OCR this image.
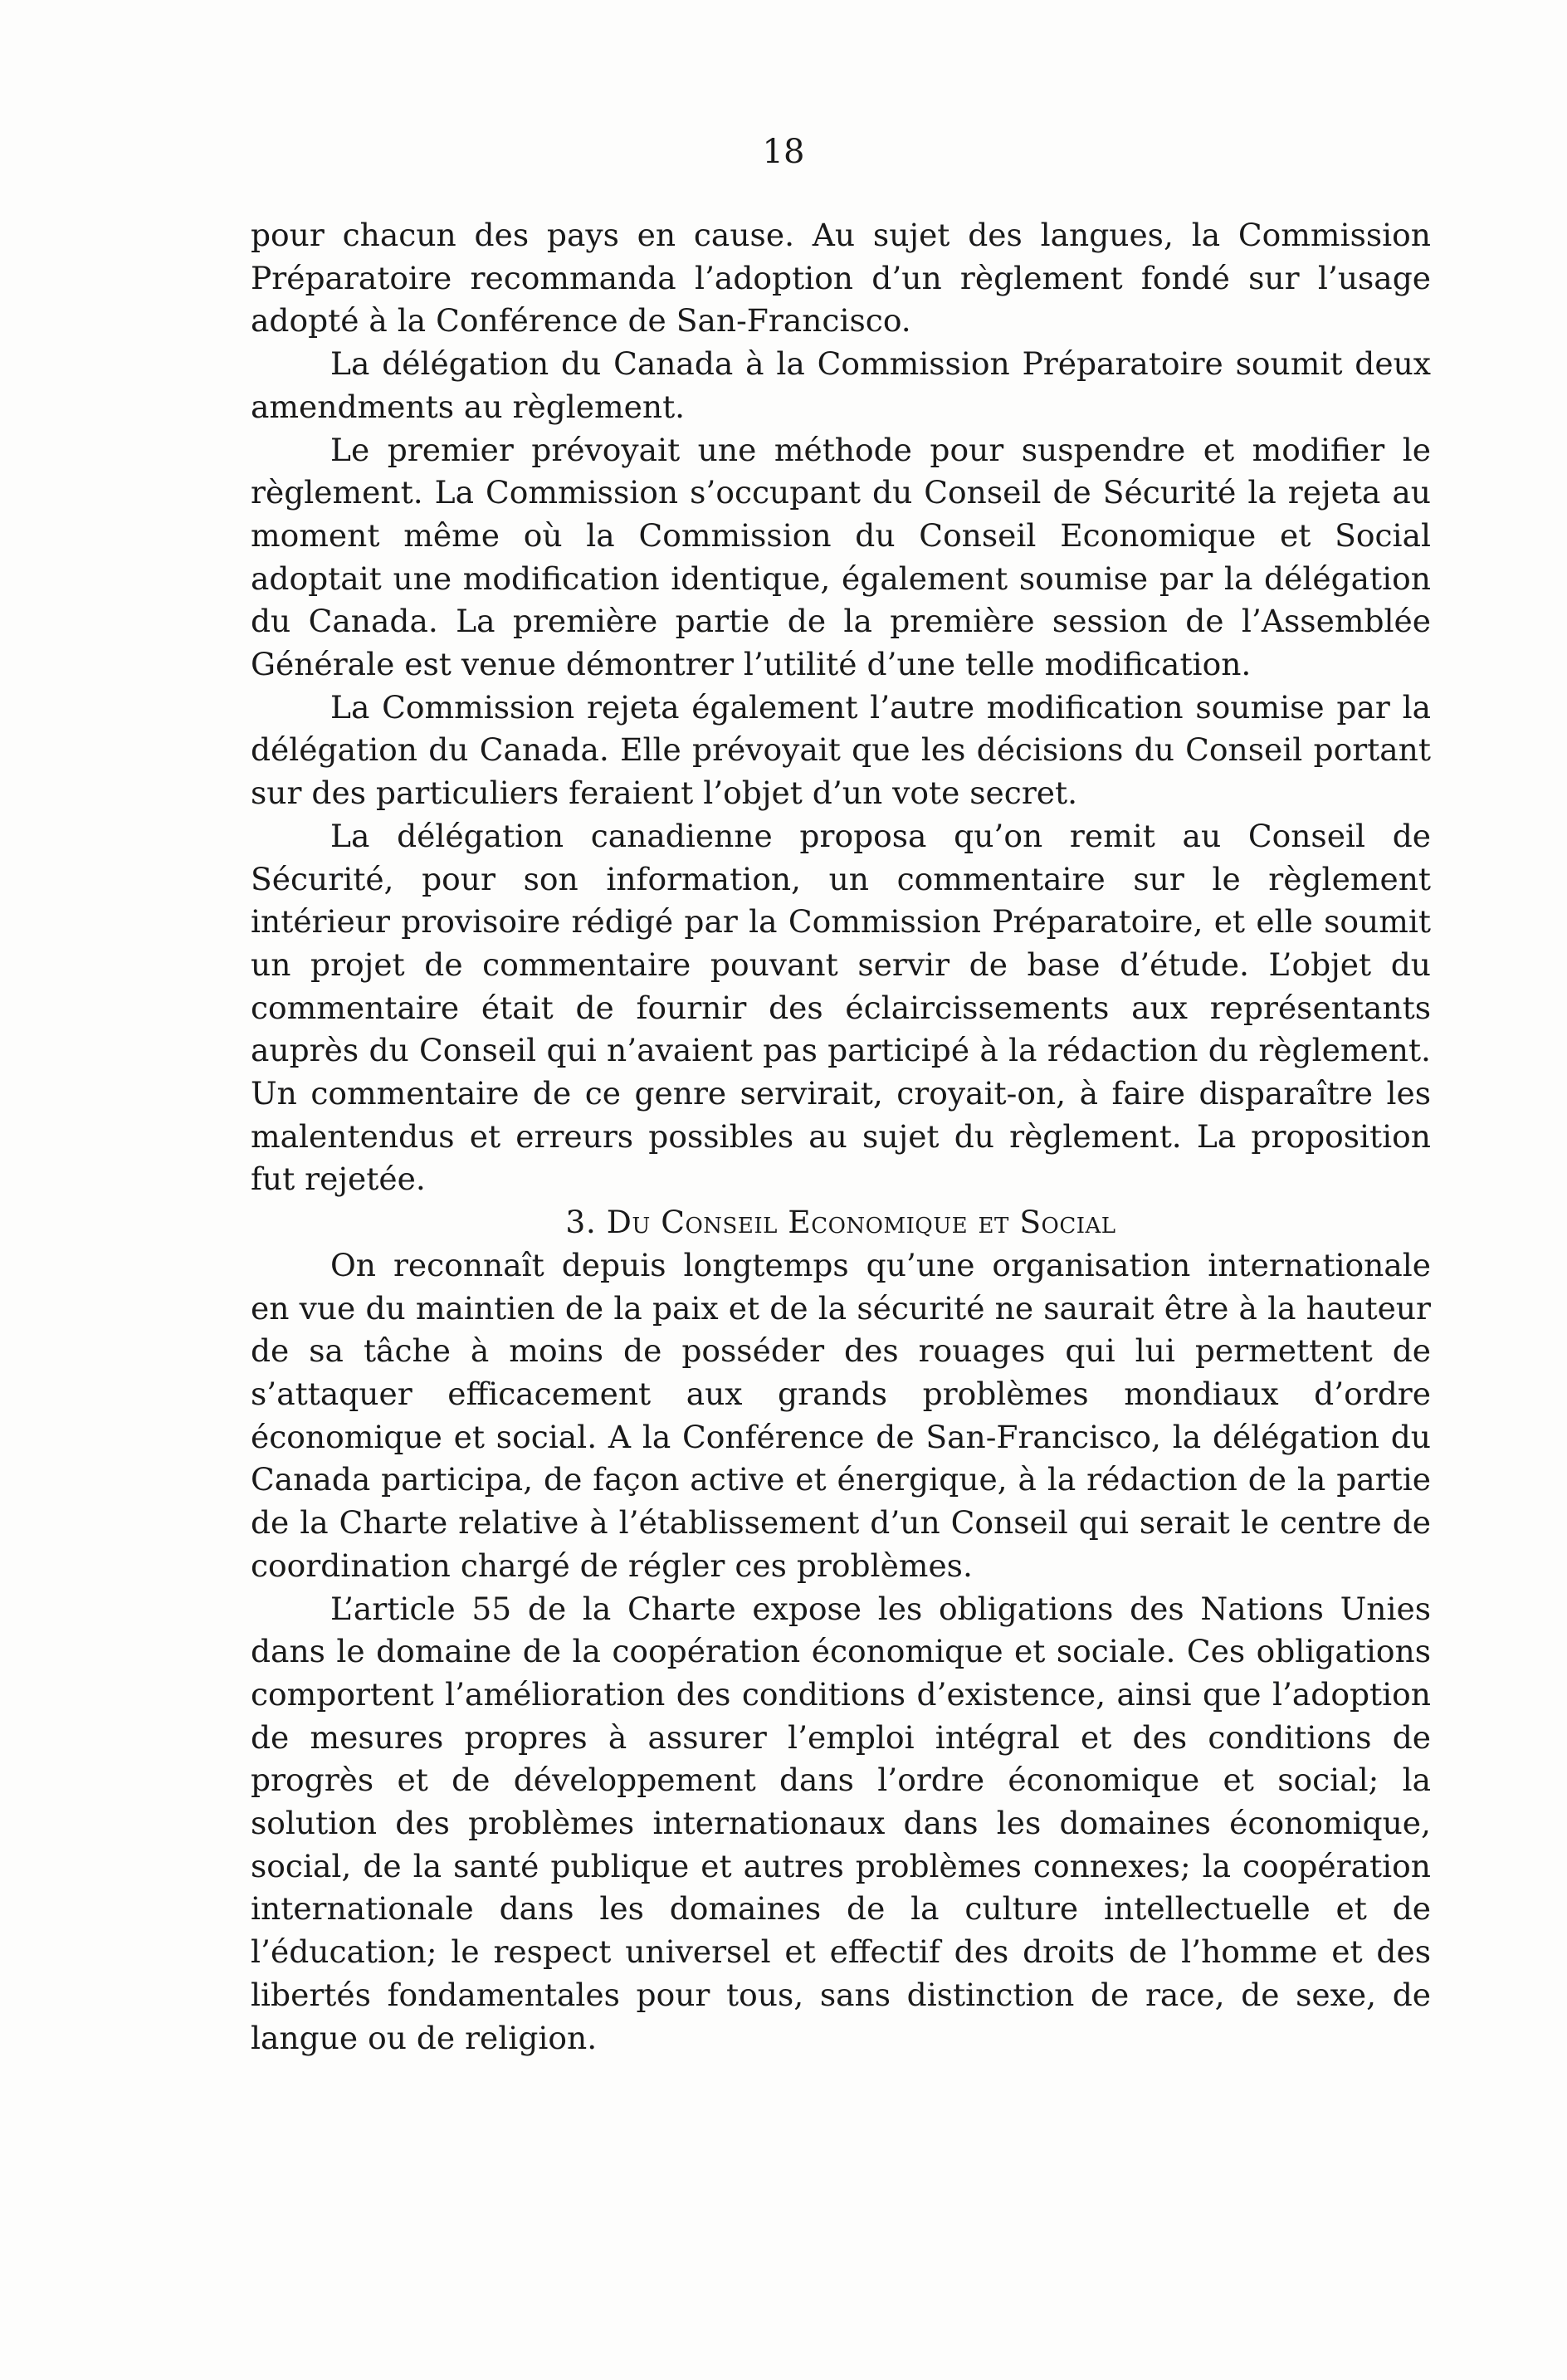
18

pour chacun des pays en cause. Au sujet des langues, la Commission Préparatoire recommanda l’adoption d’un règlement fondé sur l’usage adopté à la Conférence de San-Francisco.

La délégation du Canada à la Commission Préparatoire soumit deux amendments au règlement.

Le premier prévoyait une méthode pour suspendre et modifier le règlement. La Commission s’occupant du Conseil de Sécurité la rejeta au moment même où la Commission du Conseil Economique et Social adoptait une modification identique, également soumise par la délégation du Canada. La première partie de la première session de l’Assemblée Générale est venue démontrer l’utilité d’une telle modification.

La Commission rejeta également l’autre modification soumise par la délégation du Canada. Elle prévoyait que les décisions du Conseil portant sur des particuliers feraient l’objet d’un vote secret.

La délégation canadienne proposa qu’on remit au Conseil de Sécurité, pour son information, un commentaire sur le règlement intérieur provisoire rédigé par la Commission Préparatoire, et elle soumit un projet de commentaire pouvant servir de base d’étude. L’objet du commentaire était de fournir des éclaircissements aux représentants auprès du Conseil qui n’avaient pas participé à la rédaction du règlement. Un commentaire de ce genre servirait, croyait-on, à faire disparaître les malentendus et erreurs possibles au sujet du règlement. La proposition fut rejetée.

3. Du Conseil Economique et Social

On reconnaît depuis longtemps qu’une organisation internationale en vue du maintien de la paix et de la sécurité ne saurait être à la hauteur de sa tâche à moins de posséder des rouages qui lui permettent de s’attaquer efficacement aux grands problèmes mondiaux d’ordre économique et social. A la Conférence de San-Francisco, la délégation du Canada participa, de façon active et énergique, à la rédaction de la partie de la Charte relative à l’établissement d’un Conseil qui serait le centre de coordination chargé de régler ces problèmes.

L’article 55 de la Charte expose les obligations des Nations Unies dans le domaine de la coopération économique et sociale. Ces obligations comportent l’amélioration des conditions d’existence, ainsi que l’adoption de mesures propres à assurer l’emploi intégral et des conditions de progrès et de développement dans l’ordre économique et social; la solution des problèmes internationaux dans les domaines économique, social, de la santé publique et autres problèmes connexes; la coopération internationale dans les domaines de la culture intellectuelle et de l’éducation; le respect universel et effectif des droits de l’homme et des libertés fondamentales pour tous, sans distinction de race, de sexe, de langue ou de religion.
